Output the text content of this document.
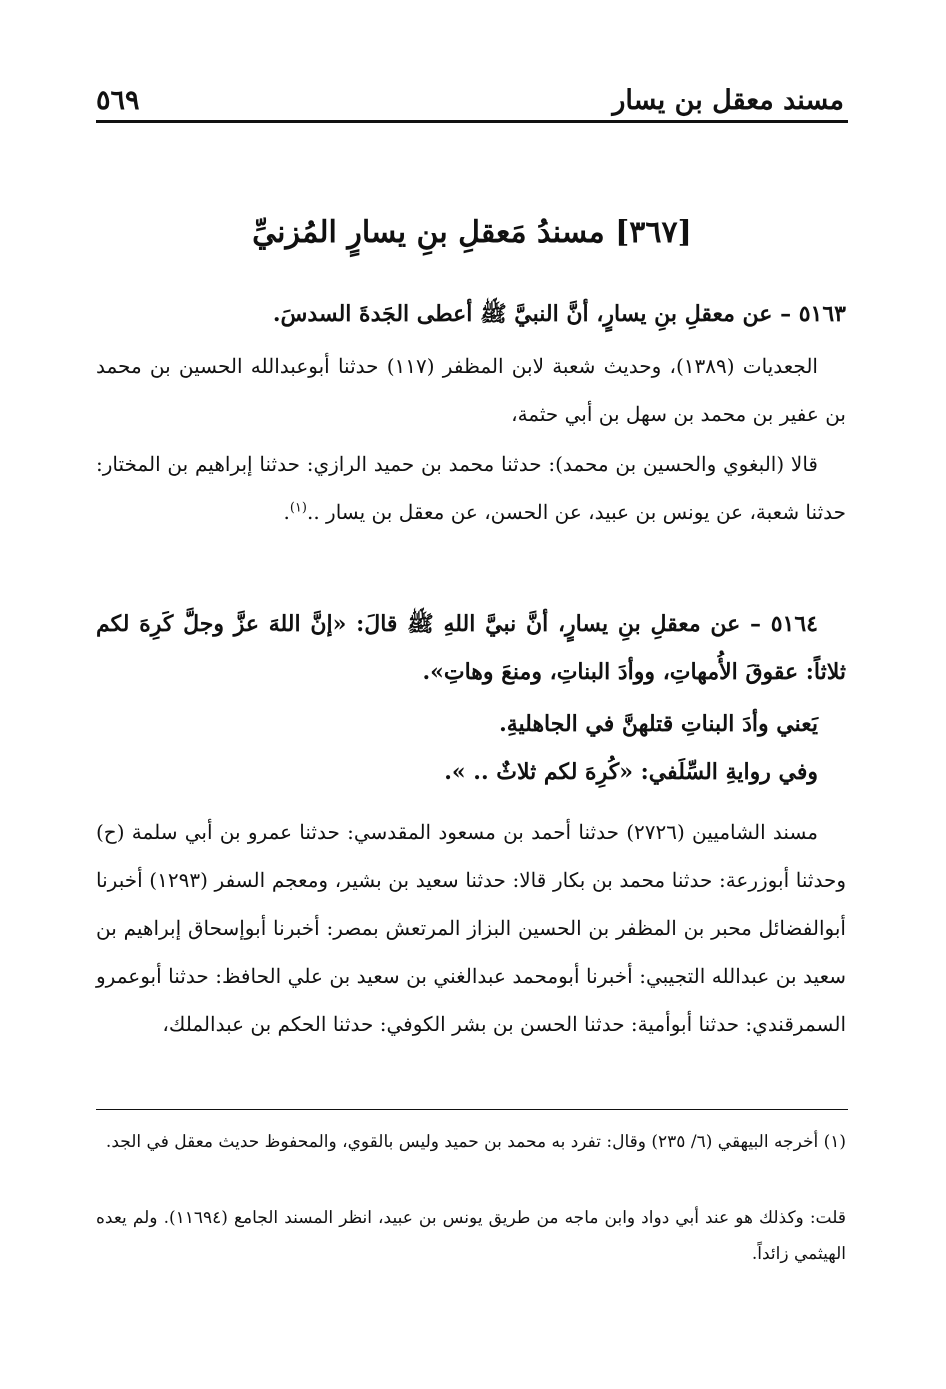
مسند معقل بن يسار
٥٦٩
[٣٦٧] مسندُ مَعقلِ بنِ يسارٍ المُزنيِّ
٥١٦٣ – عن معقلِ بنِ يسارٍ، أنَّ النبيَّ ﷺ أعطى الجَدةَ السدسَ.
الجعديات (١٣٨٩)، وحديث شعبة لابن المظفر (١١٧) حدثنا أبوعبدالله الحسين بن محمد بن عفير بن محمد بن سهل بن أبي حثمة،
قالا (البغوي والحسين بن محمد): حدثنا محمد بن حميد الرازي: حدثنا إبراهيم بن المختار: حدثنا شعبة، عن يونس بن عبيد، عن الحسن، عن معقل بن يسار ..$^{(١)}$.
٥١٦٤ – عن معقلِ بنِ يسارٍ، أنَّ نبيَّ اللهِ ﷺ قالَ: «إنَّ اللهَ عزَّ وجلَّ كَرِهَ لكم ثلاثاً: عقوقَ الأُمهاتِ، ووأدَ البناتِ، ومنعَ وهاتِ».
يَعني وأدَ البناتِ قتلهنَّ في الجاهليةِ.
وفي روايةِ السِّلَفي: «كُرِهَ لكم ثلاثٌ .. ».
مسند الشاميين (٢٧٢٦) حدثنا أحمد بن مسعود المقدسي: حدثنا عمرو بن أبي سلمة (ح) وحدثنا أبوزرعة: حدثنا محمد بن بكار قالا: حدثنا سعيد بن بشير، ومعجم السفر (١٢٩٣) أخبرنا أبوالفضائل محبر بن المظفر بن الحسين البزاز المرتعش بمصر: أخبرنا أبوإسحاق إبراهيم بن سعيد بن عبدالله التجيبي: أخبرنا أبومحمد عبدالغني بن سعيد بن علي الحافظ: حدثنا أبوعمرو السمرقندي: حدثنا أبوأمية: حدثنا الحسن بن بشر الكوفي: حدثنا الحكم بن عبدالملك،
(١) أخرجه البيهقي (٦/ ٢٣٥) وقال: تفرد به محمد بن حميد وليس بالقوي، والمحفوظ حديث معقل في الجد.
قلت: وكذلك هو عند أبي دواد وابن ماجه من طريق يونس بن عبيد، انظر المسند الجامع (١١٦٩٤). ولم يعده الهيثمي زائداً.
